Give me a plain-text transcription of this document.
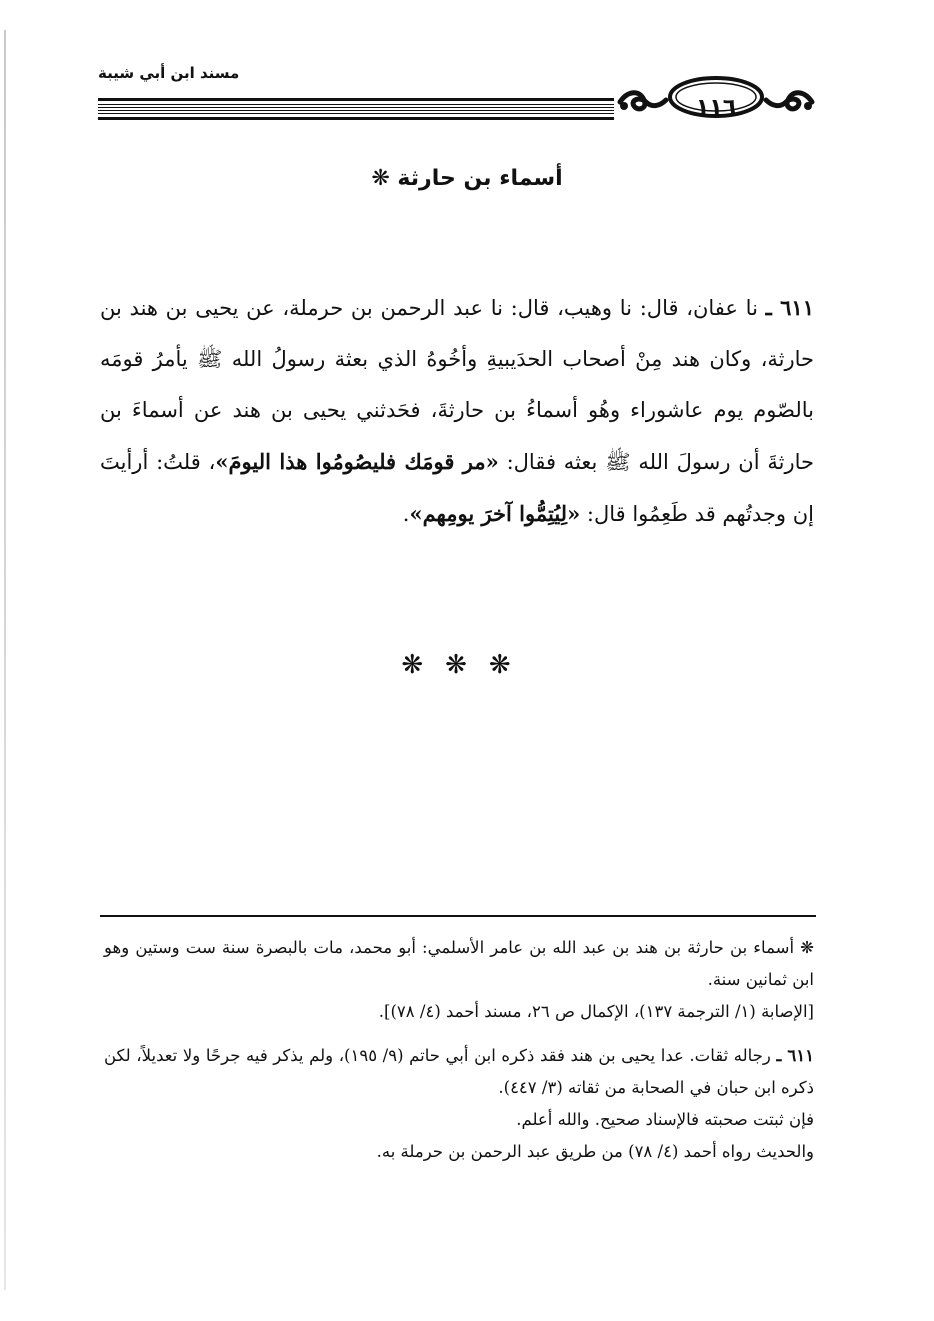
مسند ابن أبي شيبة
١١٦
أسماء بن حارثة ❋

٦١١ ـ نا عفان، قال: نا وهيب، قال: نا عبد الرحمن بن حرملة، عن يحيى بن هند بن حارثة، وكان هند مِنْ أصحاب الحدَيبيةِ وأخُوهُ الذي بعثة رسولُ الله ﷺ يأمرُ قومَه بالصّوم يوم عاشوراء وهُو أسماءُ بن حارثةَ، فحَدثني يحيى بن هند عن أسماءَ بن حارثةَ أن رسولَ الله ﷺ بعثه فقال: «مر قومَك فليصُومُوا هذا اليومَ»، قلتُ: أرأيتَ إن وجدتُهم قد طَعِمُوا قال: «لِيُتِمُّوا آخرَ يومِهم».

❋❋❋

❋ أسماء بن حارثة بن هند بن عبد الله بن عامر الأسلمي: أبو محمد، مات بالبصرة سنة ست وستين وهو ابن ثمانين سنة.

[الإصابة (١/ الترجمة ١٣٧)، الإكمال ص ٢٦، مسند أحمد (٤/ ٧٨)].

٦١١ ـ رجاله ثقات. عدا يحيى بن هند فقد ذكره ابن أبي حاتم (٩/ ١٩٥)، ولم يذكر فيه جرحًا ولا تعديلاً، لكن ذكره ابن حبان في الصحابة من ثقاته (٣/ ٤٤٧).

فإن ثبتت صحبته فالإسناد صحيح. والله أعلم.

والحديث رواه أحمد (٤/ ٧٨) من طريق عبد الرحمن بن حرملة به.
